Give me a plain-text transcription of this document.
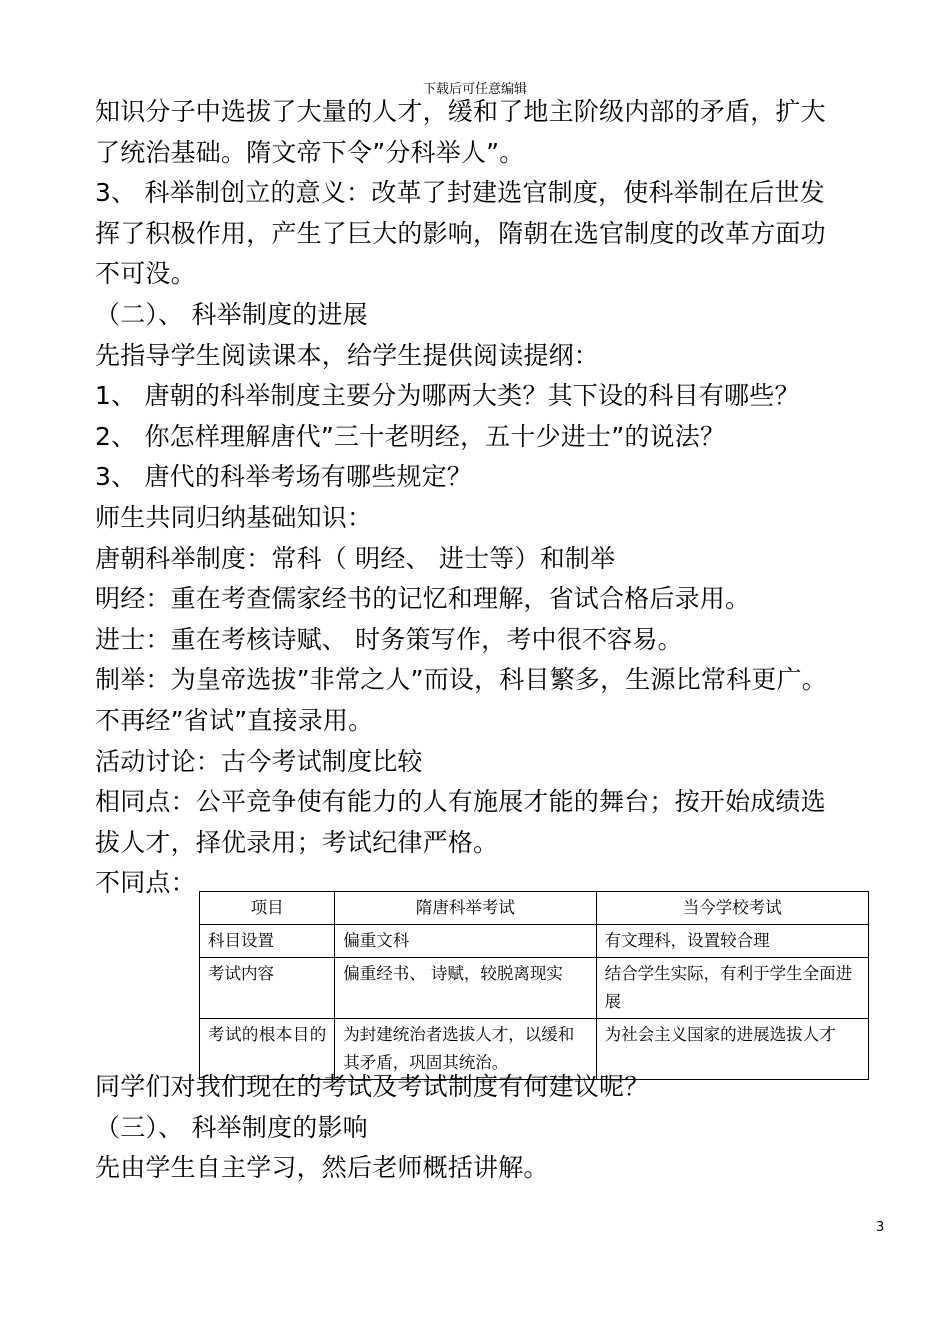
下载后可任意编辑
知识分子中选拔了大量的人才，缓和了地主阶级内部的矛盾，扩大
了统治基础。隋文帝下令”分科举人”。
3、 科举制创立的意义：改革了封建选官制度，使科举制在后世发
挥了积极作用，产生了巨大的影响，隋朝在选官制度的改革方面功
不可没。
（二）、 科举制度的进展
先指导学生阅读课本，给学生提供阅读提纲：
1、 唐朝的科举制度主要分为哪两大类？其下设的科目有哪些？
2、 你怎样理解唐代”三十老明经，五十少进士”的说法？
3、 唐代的科举考场有哪些规定？
师生共同归纳基础知识：
唐朝科举制度：常科（ 明经、 进士等）和制举
明经：重在考查儒家经书的记忆和理解，省试合格后录用。
进士：重在考核诗赋、 时务策写作，考中很不容易。
制举：为皇帝选拔”非常之人”而设，科目繁多，生源比常科更广。
不再经”省试”直接录用。
活动讨论：古今考试制度比较
相同点：公平竞争使有能力的人有施展才能的舞台；按开始成绩选
拔人才，择优录用；考试纪律严格。
不同点：
项目	隋唐科举考试	当今学校考试
科目设置	偏重文科	有文理科，设置较合理
考试内容	偏重经书、 诗赋，较脱离现实	结合学生实际，有利于学生全面进展
考试的根本目的	为封建统治者选拔人才，以缓和其矛盾，巩固其统治。	为社会主义国家的进展选拔人才
同学们对我们现在的考试及考试制度有何建议呢？
（三）、 科举制度的影响
先由学生自主学习，然后老师概括讲解。
3
